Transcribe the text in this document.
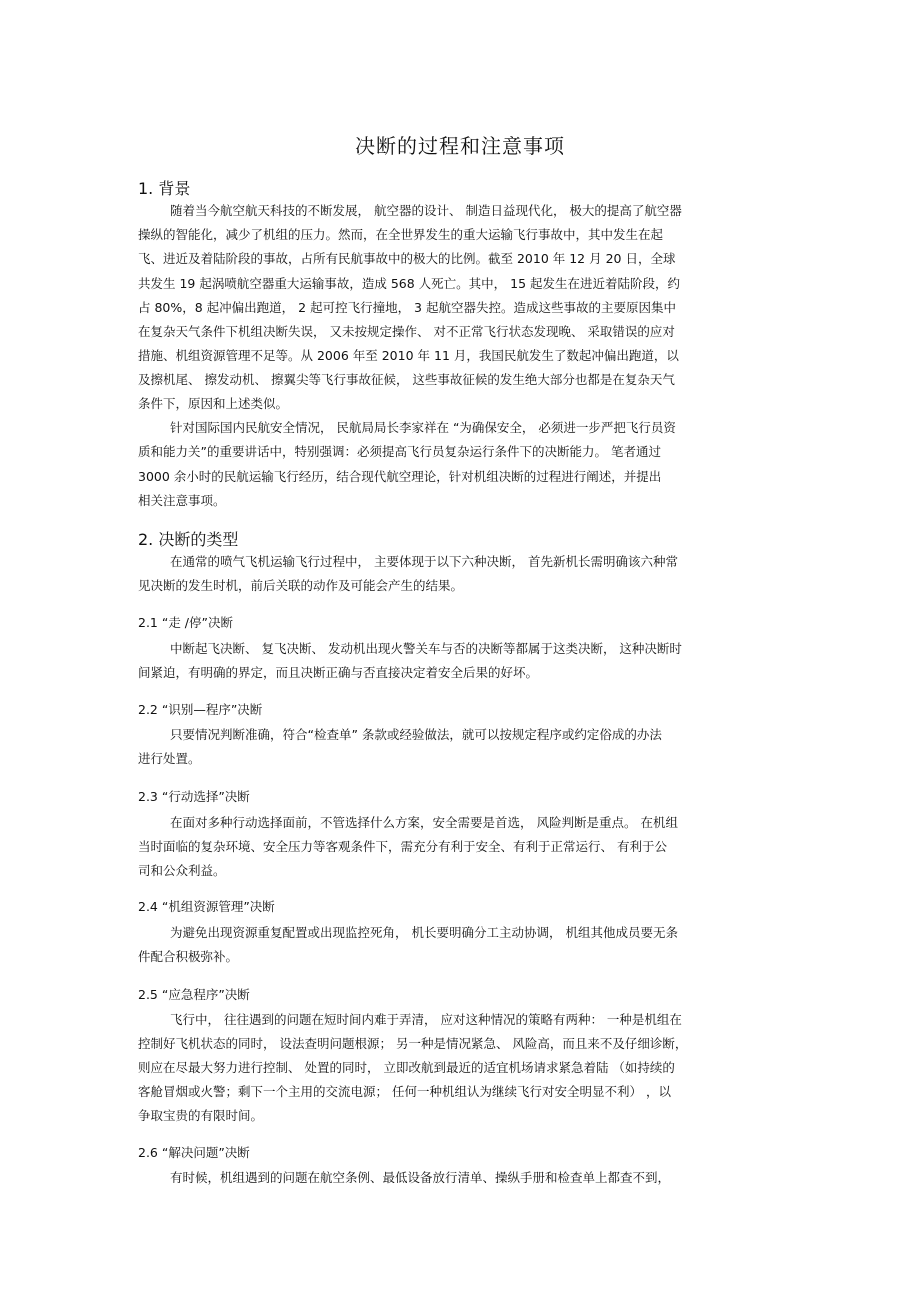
决断的过程和注意事项
1. 背景
随着当今航空航天科技的不断发展， 航空器的设计、 制造日益现代化， 极大的提高了航空器
操纵的智能化，减少了机组的压力。然而，在全世界发生的重大运输飞行事故中，其中发生在起
飞、进近及着陆阶段的事故，占所有民航事故中的极大的比例。截至 2010 年 12 月 20 日，全球
共发生 19 起涡喷航空器重大运输事故，造成 568 人死亡。其中， 15 起发生在进近着陆阶段，约
占 80%，8 起冲偏出跑道， 2 起可控飞行撞地， 3 起航空器失控。造成这些事故的主要原因集中
在复杂天气条件下机组决断失误， 又未按规定操作、 对不正常飞行状态发现晚、 采取错误的应对
措施、机组资源管理不足等。从 2006 年至 2010 年 11 月，我国民航发生了数起冲偏出跑道，以
及擦机尾、 擦发动机、 擦翼尖等飞行事故征候， 这些事故征候的发生绝大部分也都是在复杂天气
条件下，原因和上述类似。
针对国际国内民航安全情况， 民航局局长李家祥在 “为确保安全， 必须进一步严把飞行员资
质和能力关”的重要讲话中，特别强调：必须提高飞行员复杂运行条件下的决断能力。 笔者通过
3000 余小时的民航运输飞行经历，结合现代航空理论，针对机组决断的过程进行阐述，并提出
相关注意事项。
2. 决断的类型
在通常的喷气飞机运输飞行过程中， 主要体现于以下六种决断， 首先新机长需明确该六种常
见决断的发生时机，前后关联的动作及可能会产生的结果。
2.1 “走 /停”决断
中断起飞决断、 复飞决断、 发动机出现火警关车与否的决断等都属于这类决断， 这种决断时
间紧迫，有明确的界定，而且决断正确与否直接决定着安全后果的好坏。
2.2 “识别—程序”决断
只要情况判断准确，符合“检查单” 条款或经验做法，就可以按规定程序或约定俗成的办法
进行处置。
2.3 “行动选择”决断
在面对多种行动选择面前，不管选择什么方案，安全需要是首选， 风险判断是重点。 在机组
当时面临的复杂环境、安全压力等客观条件下，需充分有利于安全、有利于正常运行、 有利于公
司和公众利益。
2.4 “机组资源管理”决断
为避免出现资源重复配置或出现监控死角， 机长要明确分工主动协调， 机组其他成员要无条
件配合积极弥补。
2.5 “应急程序”决断
飞行中， 往往遇到的问题在短时间内难于弄清， 应对这种情况的策略有两种： 一种是机组在
控制好飞机状态的同时， 设法查明问题根源； 另一种是情况紧急、 风险高，而且来不及仔细诊断，
则应在尽最大努力进行控制、 处置的同时， 立即改航到最近的适宜机场请求紧急着陆 （如持续的
客舱冒烟或火警；剩下一个主用的交流电源； 任何一种机组认为继续飞行对安全明显不利） ，以
争取宝贵的有限时间。
2.6 “解决问题”决断
有时候，机组遇到的问题在航空条例、最低设备放行清单、操纵手册和检查单上都查不到，
